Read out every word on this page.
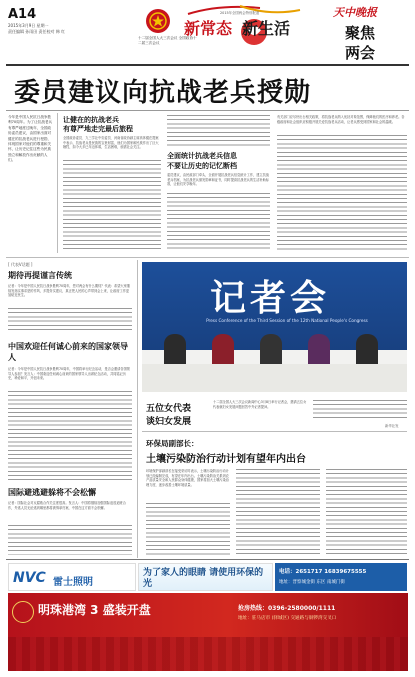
A14
2015年3月9日 星期一
责任编辑 孙雨田 责任校对 韩 红
十二届全国人大三次会议 全国政协十二届三次会议
新常态 新生活
2015年全国两会特别报道	天中晚报
聚焦
两会
委员建议向抗战老兵授勋
今年是中国人民抗日战争胜利70周年。为了让抗战老兵有尊严地度过晚年，全国政协委员建议，由国家出面对健在的抗战老兵进行授勋，体现国家对他们的尊重和关怀，让历史记住这些为民族独立和解放作出贡献的人们。
让健在的抗战老兵
有尊严地走完最后旅程
全国政协委员、九三学社中央委员、河南省政协副主席高体健在提案中表示，抗战老兵是民族的宝贵财富，他们为国家和民族作出了巨大牺牲，如今大多已年迈体弱，生活困难，亟需社会关注。
全面统计抗战老兵信息
不要让历史的记忆断档
委员建议，由民政部门牵头，全面开展抗战老兵信息统计工作，建立抗战老兵档案，为抗战老兵颁发勋章和证书，同时提高抗战老兵的生活补助标准，让他们安享晚年。
有关部门应尽快出台相关政策，将抗战老兵纳入优抚对象范围，保障他们的医疗和养老。各级政府和社会组织应积极开展关爱抗战老兵活动，让老兵感受到国家和社会的温暖。
[ 代表V话题 ]
期待再提谨言传统
记者：今年是中国人民抗日战争胜利70周年，您对两会有什么期待？代表：希望大家继续发扬实事求是的作风，多提务实建议，真正把人民的心声带到会上来，让政府工作更加贴近民生。
中国欢迎任何诚心前来的国家领导人
记者：今年是中国人民抗日战争胜利70周年，中国将举行纪念活动，是否会邀请各国领导人参加？发言人：中国欢迎任何诚心前来的国家领导人出席纪念活动，共同铭记历史，珍爱和平，开创未来。
国际避逃避躲将不会松懈
记者：国际社会对反腐败合作关注度很高。发言人：中国将继续加强国际追逃追赃合作，外逃人员无论逃到哪里都将被缉拿归案，中国在这方面不会松懈。
记者会
Press Conference of the Third Session of the 12th National People's Congress
五位女代表
谈妇女发展
十二届全国人大三次会议新闻中心3月8日举行记者会，邀请五位女代表就妇女发展问题回答中外记者提问。
新华社发
环保局副部长：
土壤污染防治行动计划有望年内出台
环境保护部副部长在接受采访时表示，土壤污染防治行动计划已经编制完成，有望在年内出台。土壤污染防治关系到农产品质量安全和人民群众身体健康，国家将加大土壤污染治理力度，逐步改善土壤环境质量。
NVC 雷士照明
为了家人的眼睛 请使用环保的光
电话：2651717 16839675555
地址：晋察城金街 东区 南城门街
明珠港湾 3 盛装开盘	抢房热线：0396-2580000/1111
地址：驻马店市 (驿城区) 交通路与铜锣湾交叉口
